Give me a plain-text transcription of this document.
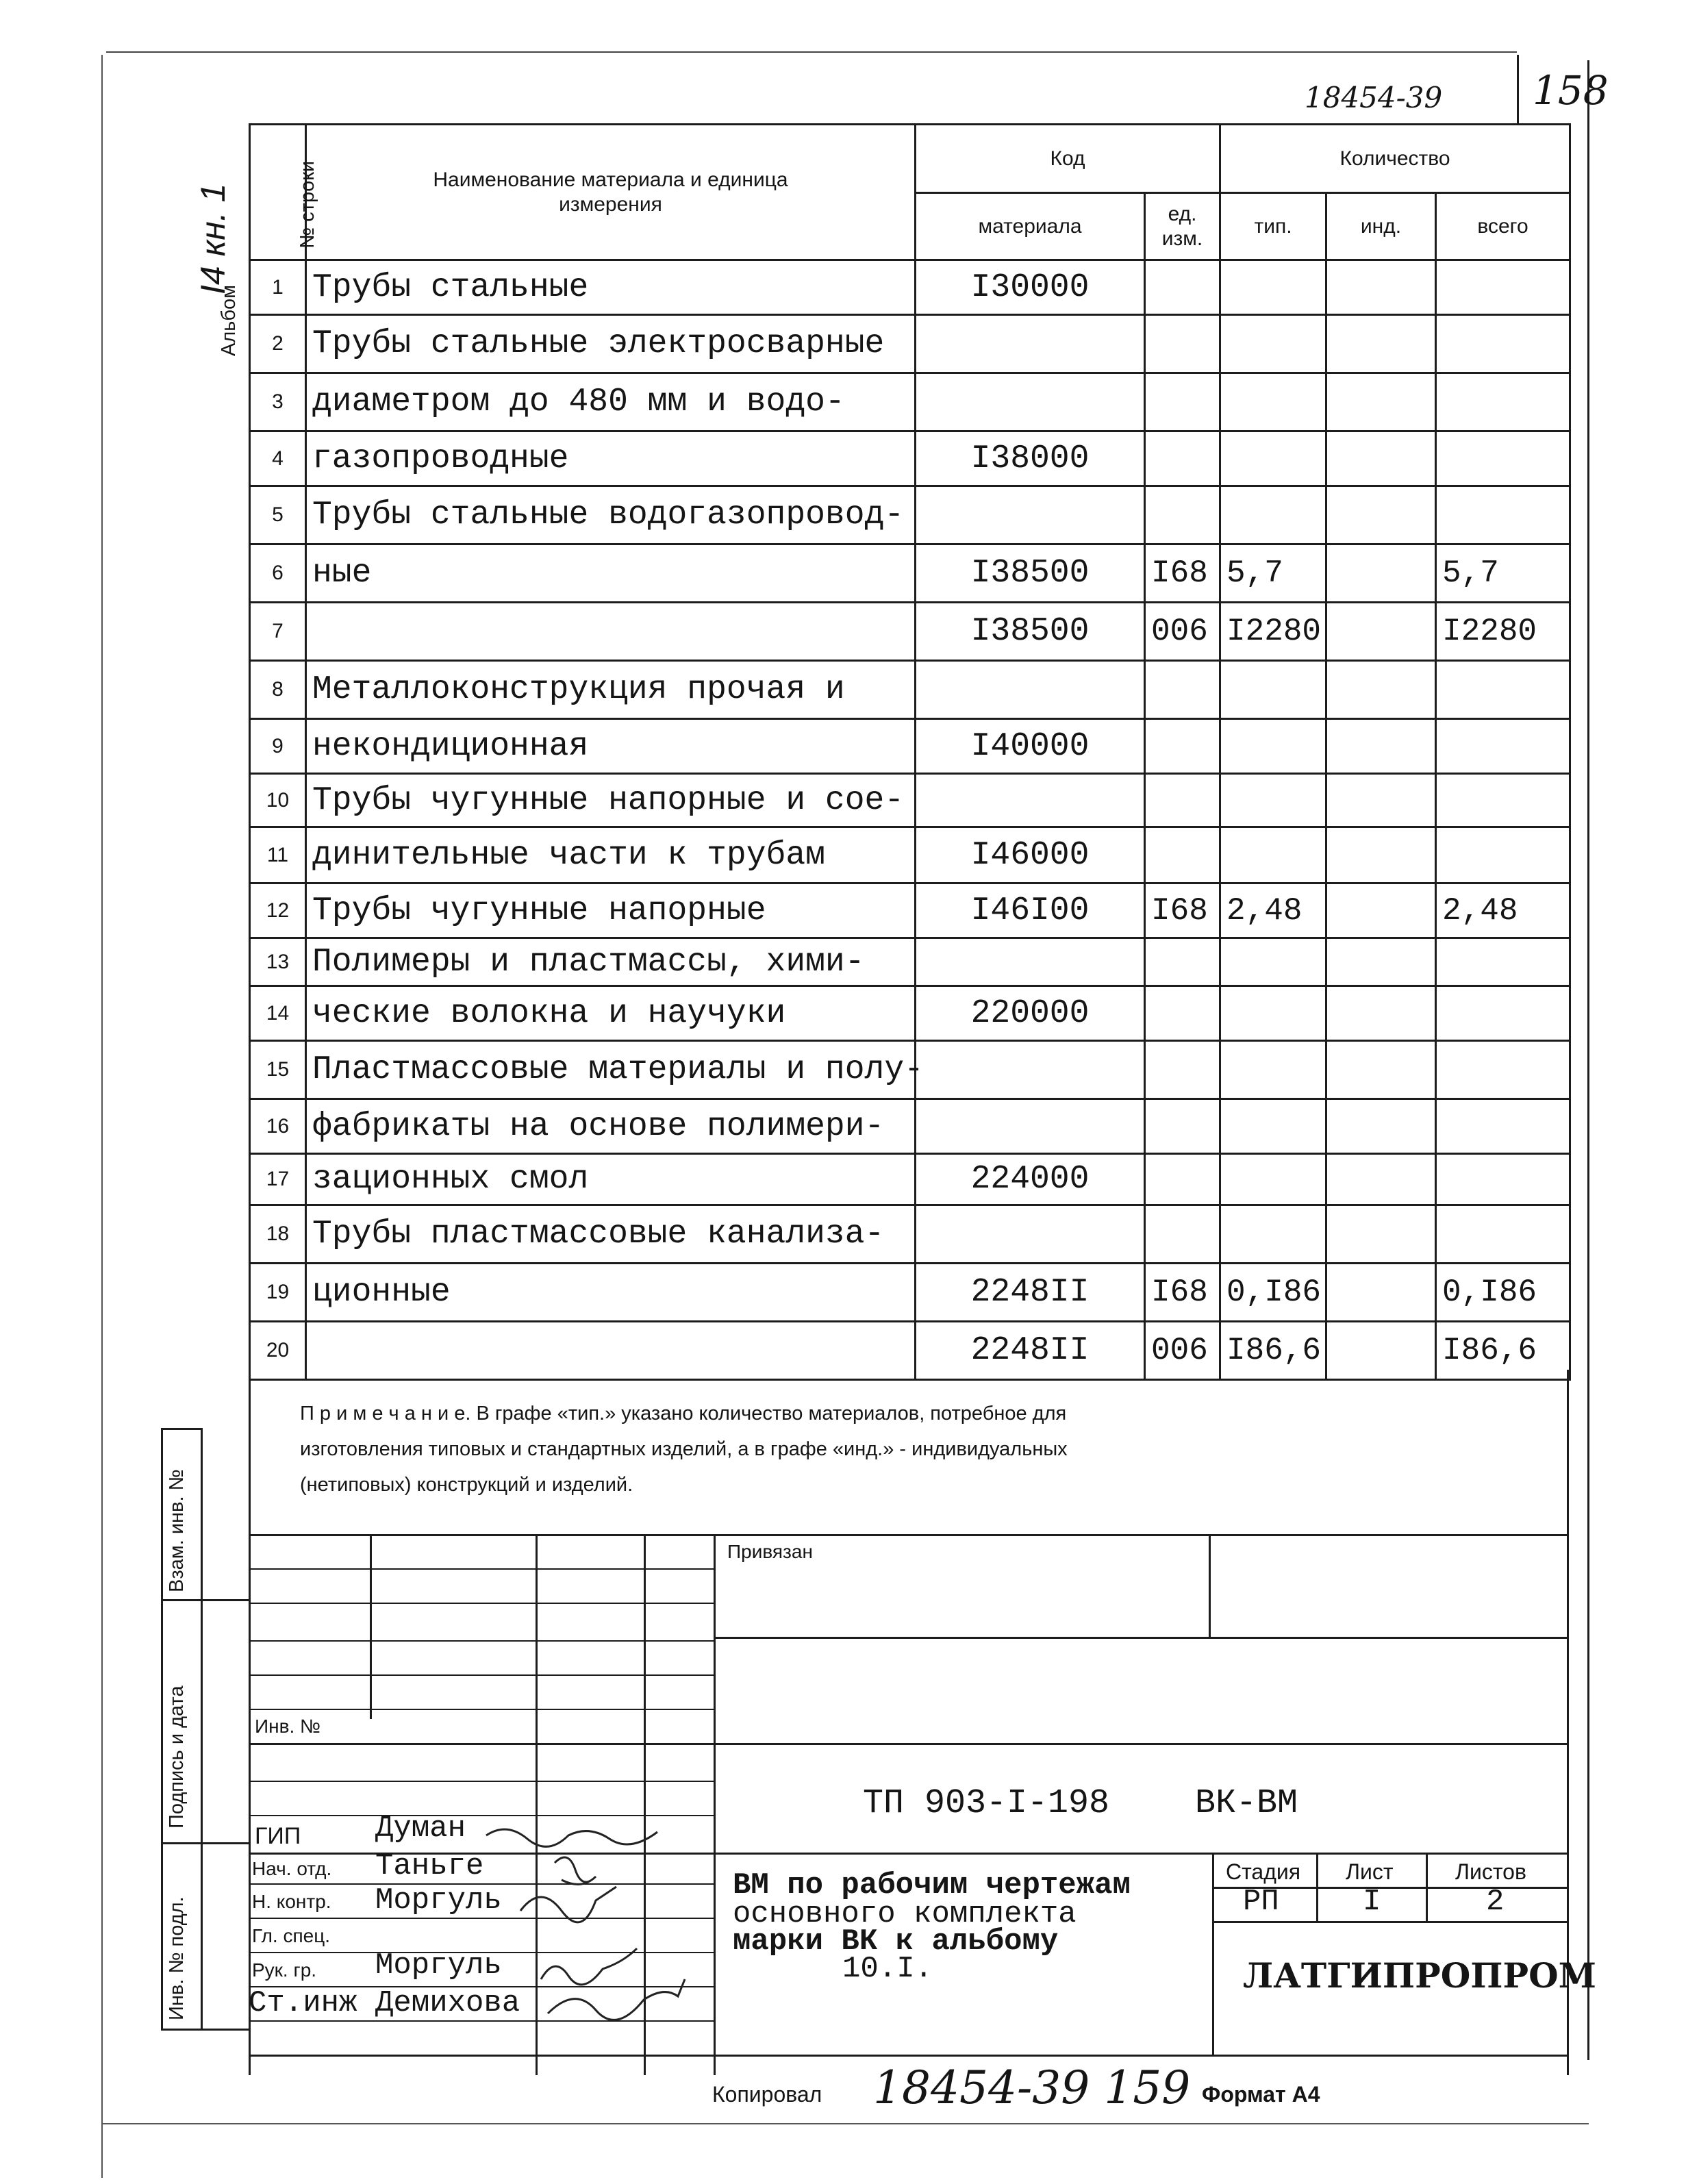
18454-39 158
Альбом
I4 кн. 1	№ строки	Наименование материала и единица измерения	Код		Количество		
		материала	ед. изм.	тип.	инд.	всего
1	Трубы стальные	I30000				
2	Трубы стальные электросварные					
3	диаметром до 480 мм и водо-					
4	газопроводные	I38000				
5	Трубы стальные водогазопровод-					
6	ные	I38500	I68	5,7		5,7
7		I38500	006	I2280		I2280
8	Металлоконструкция прочая и					
9	некондиционная	I40000				
10	Трубы чугунные напорные и сое-					
11	динительные части к трубам	I46000				
12	Трубы чугунные напорные	I46I00	I68	2,48		2,48
13	Полимеры и пластмассы, хими-					
14	ческие волокна и научуки	220000				
15	Пластмассовые материалы и полу-					
16	фабрикаты на основе полимери-					
17	зационных смол	224000				
18	Трубы пластмассовые канализа-					
19	ционные	2248II	I68	0,I86		0,I86
20		2248II	006	I86,6		I86,6
П р и м е ч а н и е. В графе «тип.» указано количество материалов, потребное для
изготовления типовых и стандартных изделий, а в графе «инд.» - индивидуальных
(нетиповых) конструкций и изделий.
Взам. инв. №
Подпись и дата
Инв. № подл.
Привязан
Инв. №
ТП 903-I-198 ВК-ВМ
ГИП Думан
Нач. отд. Таньге
Н. контр. Моргуль
Гл. спец.
Рук. гр. Моргуль
Ст.инж Демихова
ВМ по рабочим чертежам
основного комплекта
марки ВК к альбому
10.I.
Стадия Лист	Листов
РП	I	2
ЛАТГИПРОПРОМ
Копировал 18454-39 159 Формат А4
